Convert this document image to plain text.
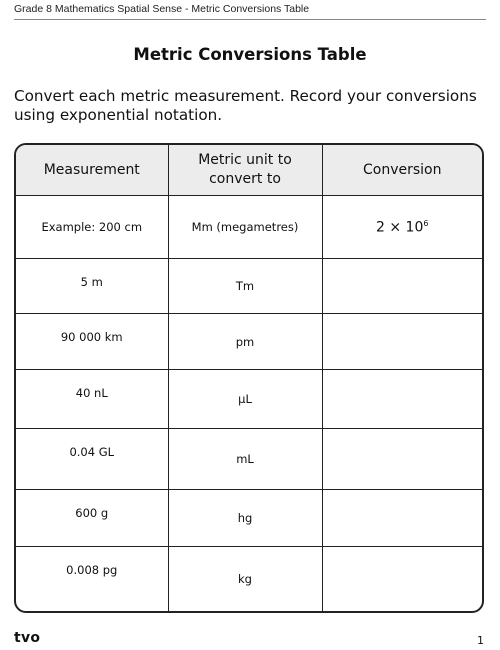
Grade 8 Mathematics Spatial Sense - Metric Conversions Table
Metric Conversions Table
Convert each metric measurement. Record your conversions using exponential notation.
Measurement	Metric unit to convert to	Conversion
Example: 200 cm	Mm (megametres)	$2 \times 10^6$
5 m	Tm	
90 000 km	pm	
40 nL	μL	
0.04 GL	mL	
600 g	hg	
0.008 pg	kg	
tvo	1
